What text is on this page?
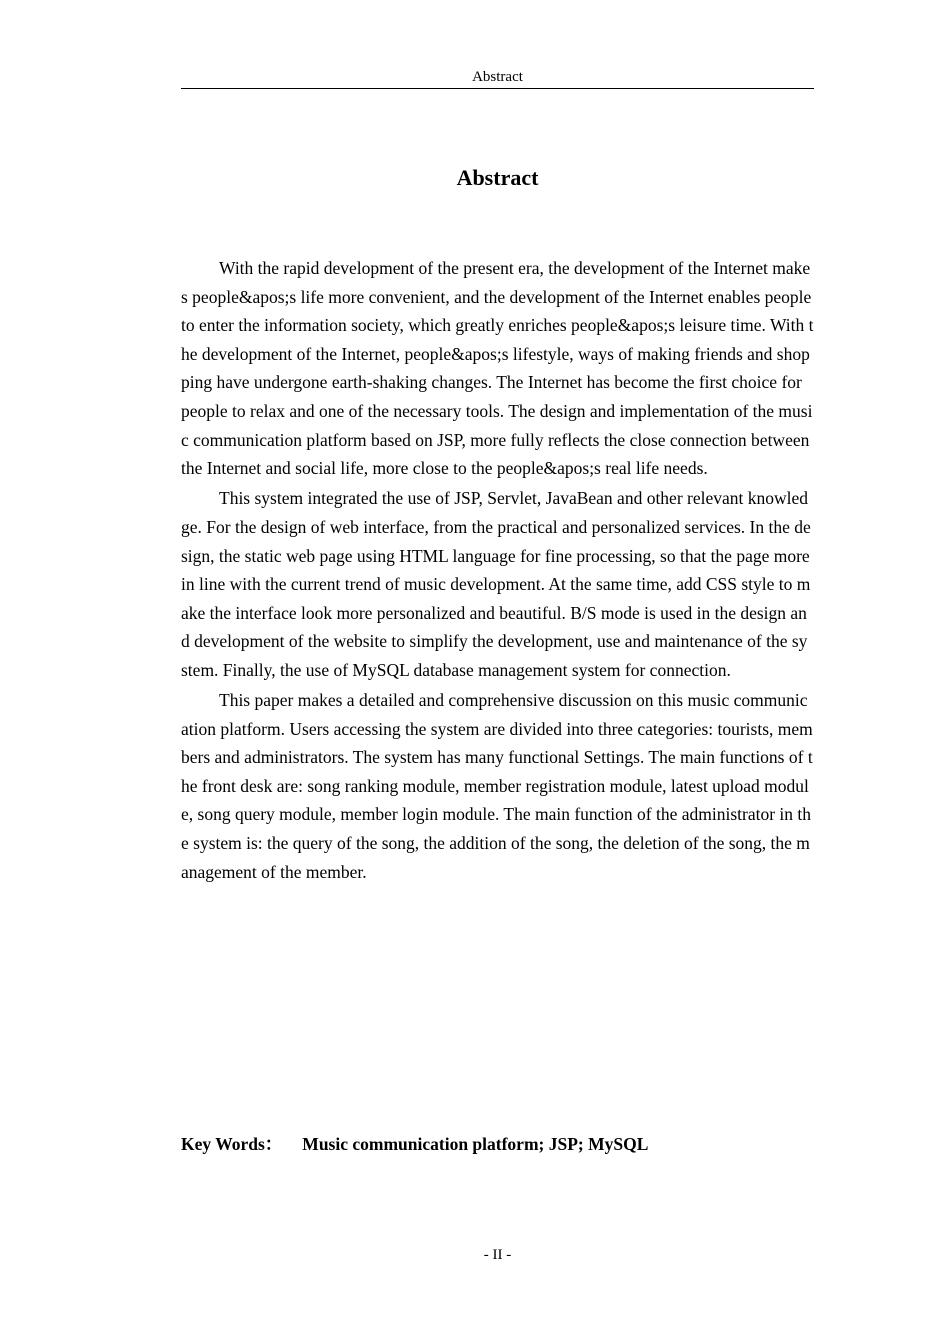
Abstract
Abstract

With the rapid development of the present era, the development of the Internet makes people&apos;s life more convenient, and the development of the Internet enables people to enter the information society, which greatly enriches people&apos;s leisure time. With the development of the Internet, people&apos;s lifestyle, ways of making friends and shopping have undergone earth-shaking changes. The Internet has become the first choice for people to relax and one of the necessary tools. The design and implementation of the music communication platform based on JSP, more fully reflects the close connection between the Internet and social life, more close to the people&apos;s real life needs.

This system integrated the use of JSP, Servlet, JavaBean and other relevant knowledge. For the design of web interface, from the practical and personalized services. In the design, the static web page using HTML language for fine processing, so that the page more in line with the current trend of music development. At the same time, add CSS style to make the interface look more personalized and beautiful. B/S mode is used in the design and development of the website to simplify the development, use and maintenance of the system. Finally, the use of MySQL database management system for connection.

This paper makes a detailed and comprehensive discussion on this music communication platform. Users accessing the system are divided into three categories: tourists, members and administrators. The system has many functional Settings. The main functions of the front desk are: song ranking module, member registration module, latest upload module, song query module, member login module. The main function of the administrator in the system is: the query of the song, the addition of the song, the deletion of the song, the management of the member.

Key Words： Music communication platform; JSP; MySQL
- II -
